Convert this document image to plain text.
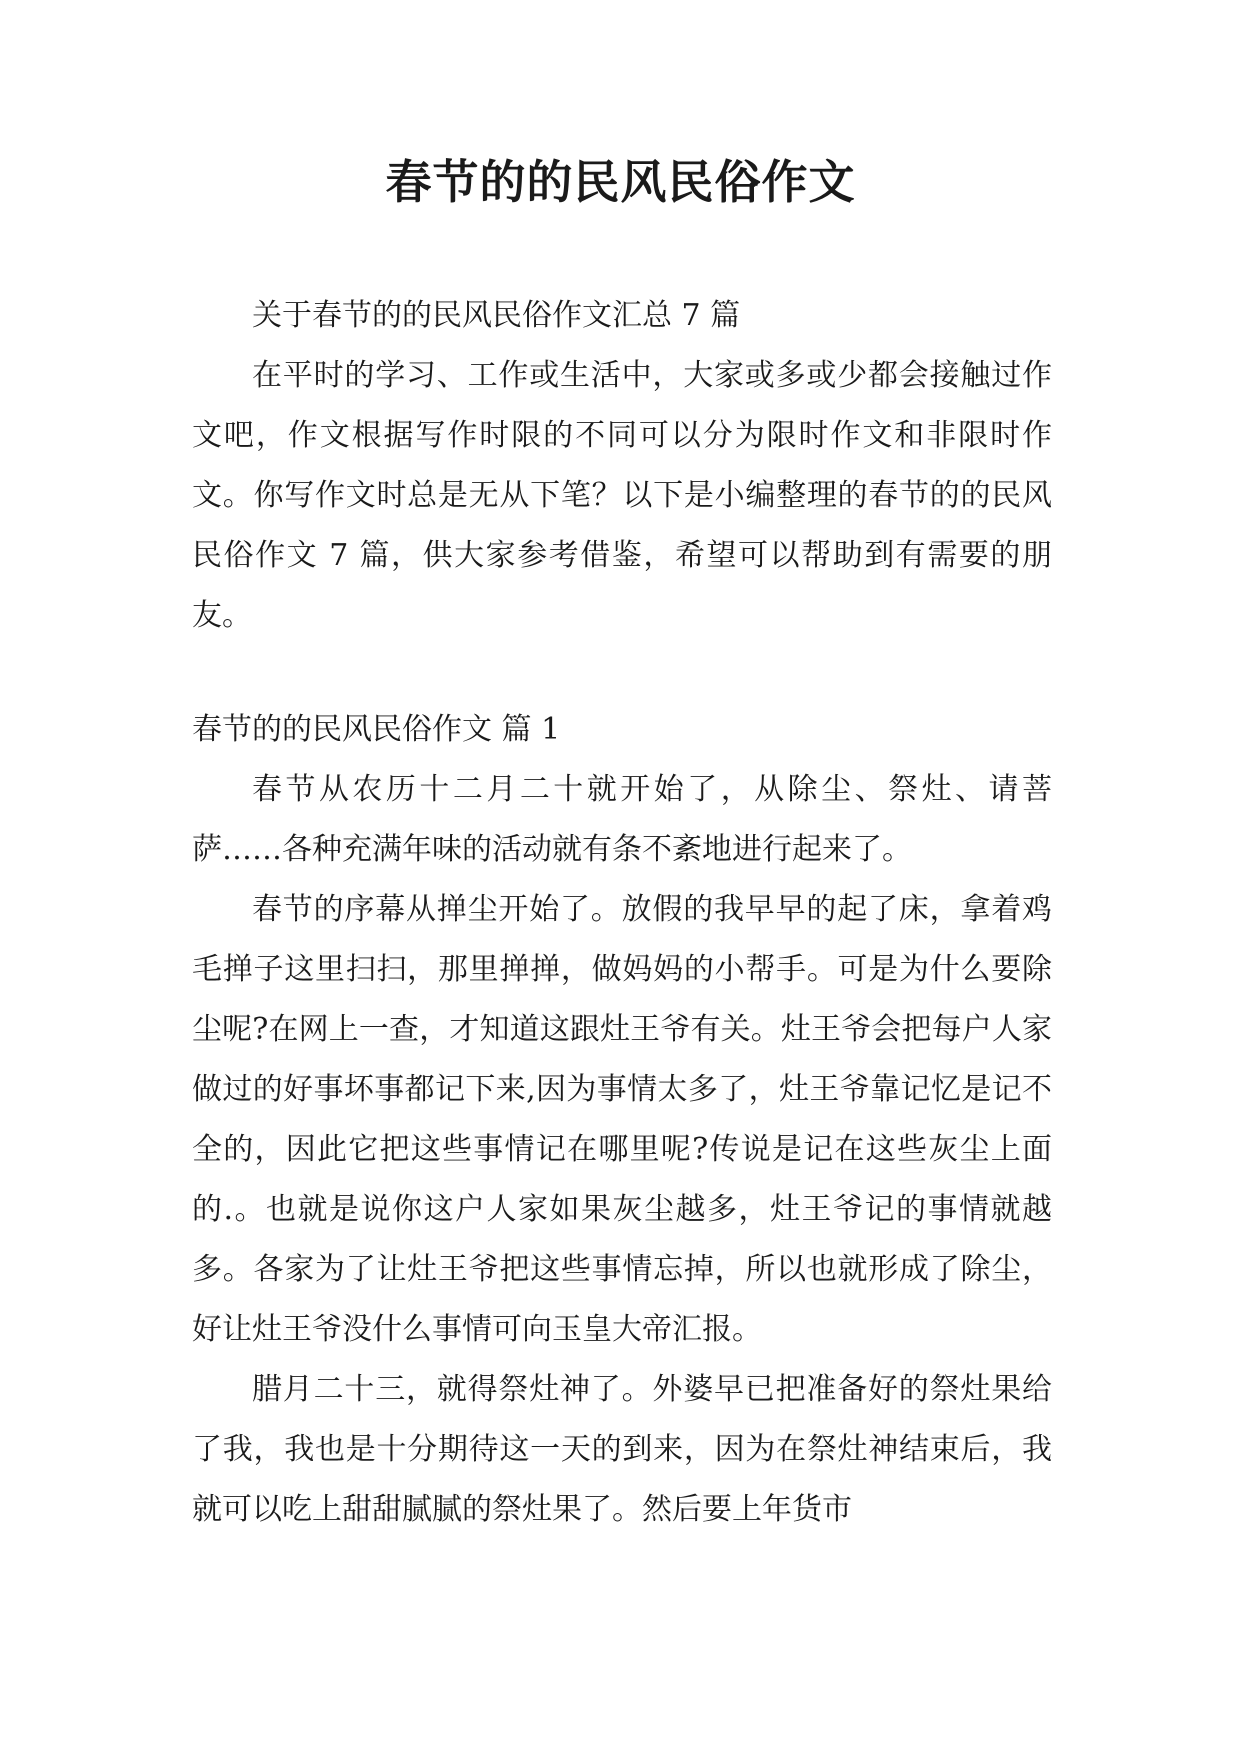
春节的的民风民俗作文

关于春节的的民风民俗作文汇总 7 篇

在平时的学习、工作或生活中，大家或多或少都会接触过作文吧，作文根据写作时限的不同可以分为限时作文和非限时作文。你写作文时总是无从下笔？以下是小编整理的春节的的民风民俗作文 7 篇，供大家参考借鉴，希望可以帮助到有需要的朋友。

春节的的民风民俗作文 篇 1

春节从农历十二月二十就开始了，从除尘、祭灶、请菩萨……各种充满年味的活动就有条不紊地进行起来了。

春节的序幕从掸尘开始了。放假的我早早的起了床，拿着鸡毛掸子这里扫扫，那里掸掸，做妈妈的小帮手。可是为什么要除尘呢?在网上一查，才知道这跟灶王爷有关。灶王爷会把每户人家做过的好事坏事都记下来,因为事情太多了，灶王爷靠记忆是记不全的，因此它把这些事情记在哪里呢?传说是记在这些灰尘上面的.。也就是说你这户人家如果灰尘越多，灶王爷记的事情就越多。各家为了让灶王爷把这些事情忘掉，所以也就形成了除尘，好让灶王爷没什么事情可向玉皇大帝汇报。

腊月二十三，就得祭灶神了。外婆早已把准备好的祭灶果给了我，我也是十分期待这一天的到来，因为在祭灶神结束后，我就可以吃上甜甜腻腻的祭灶果了。然后要上年货市
